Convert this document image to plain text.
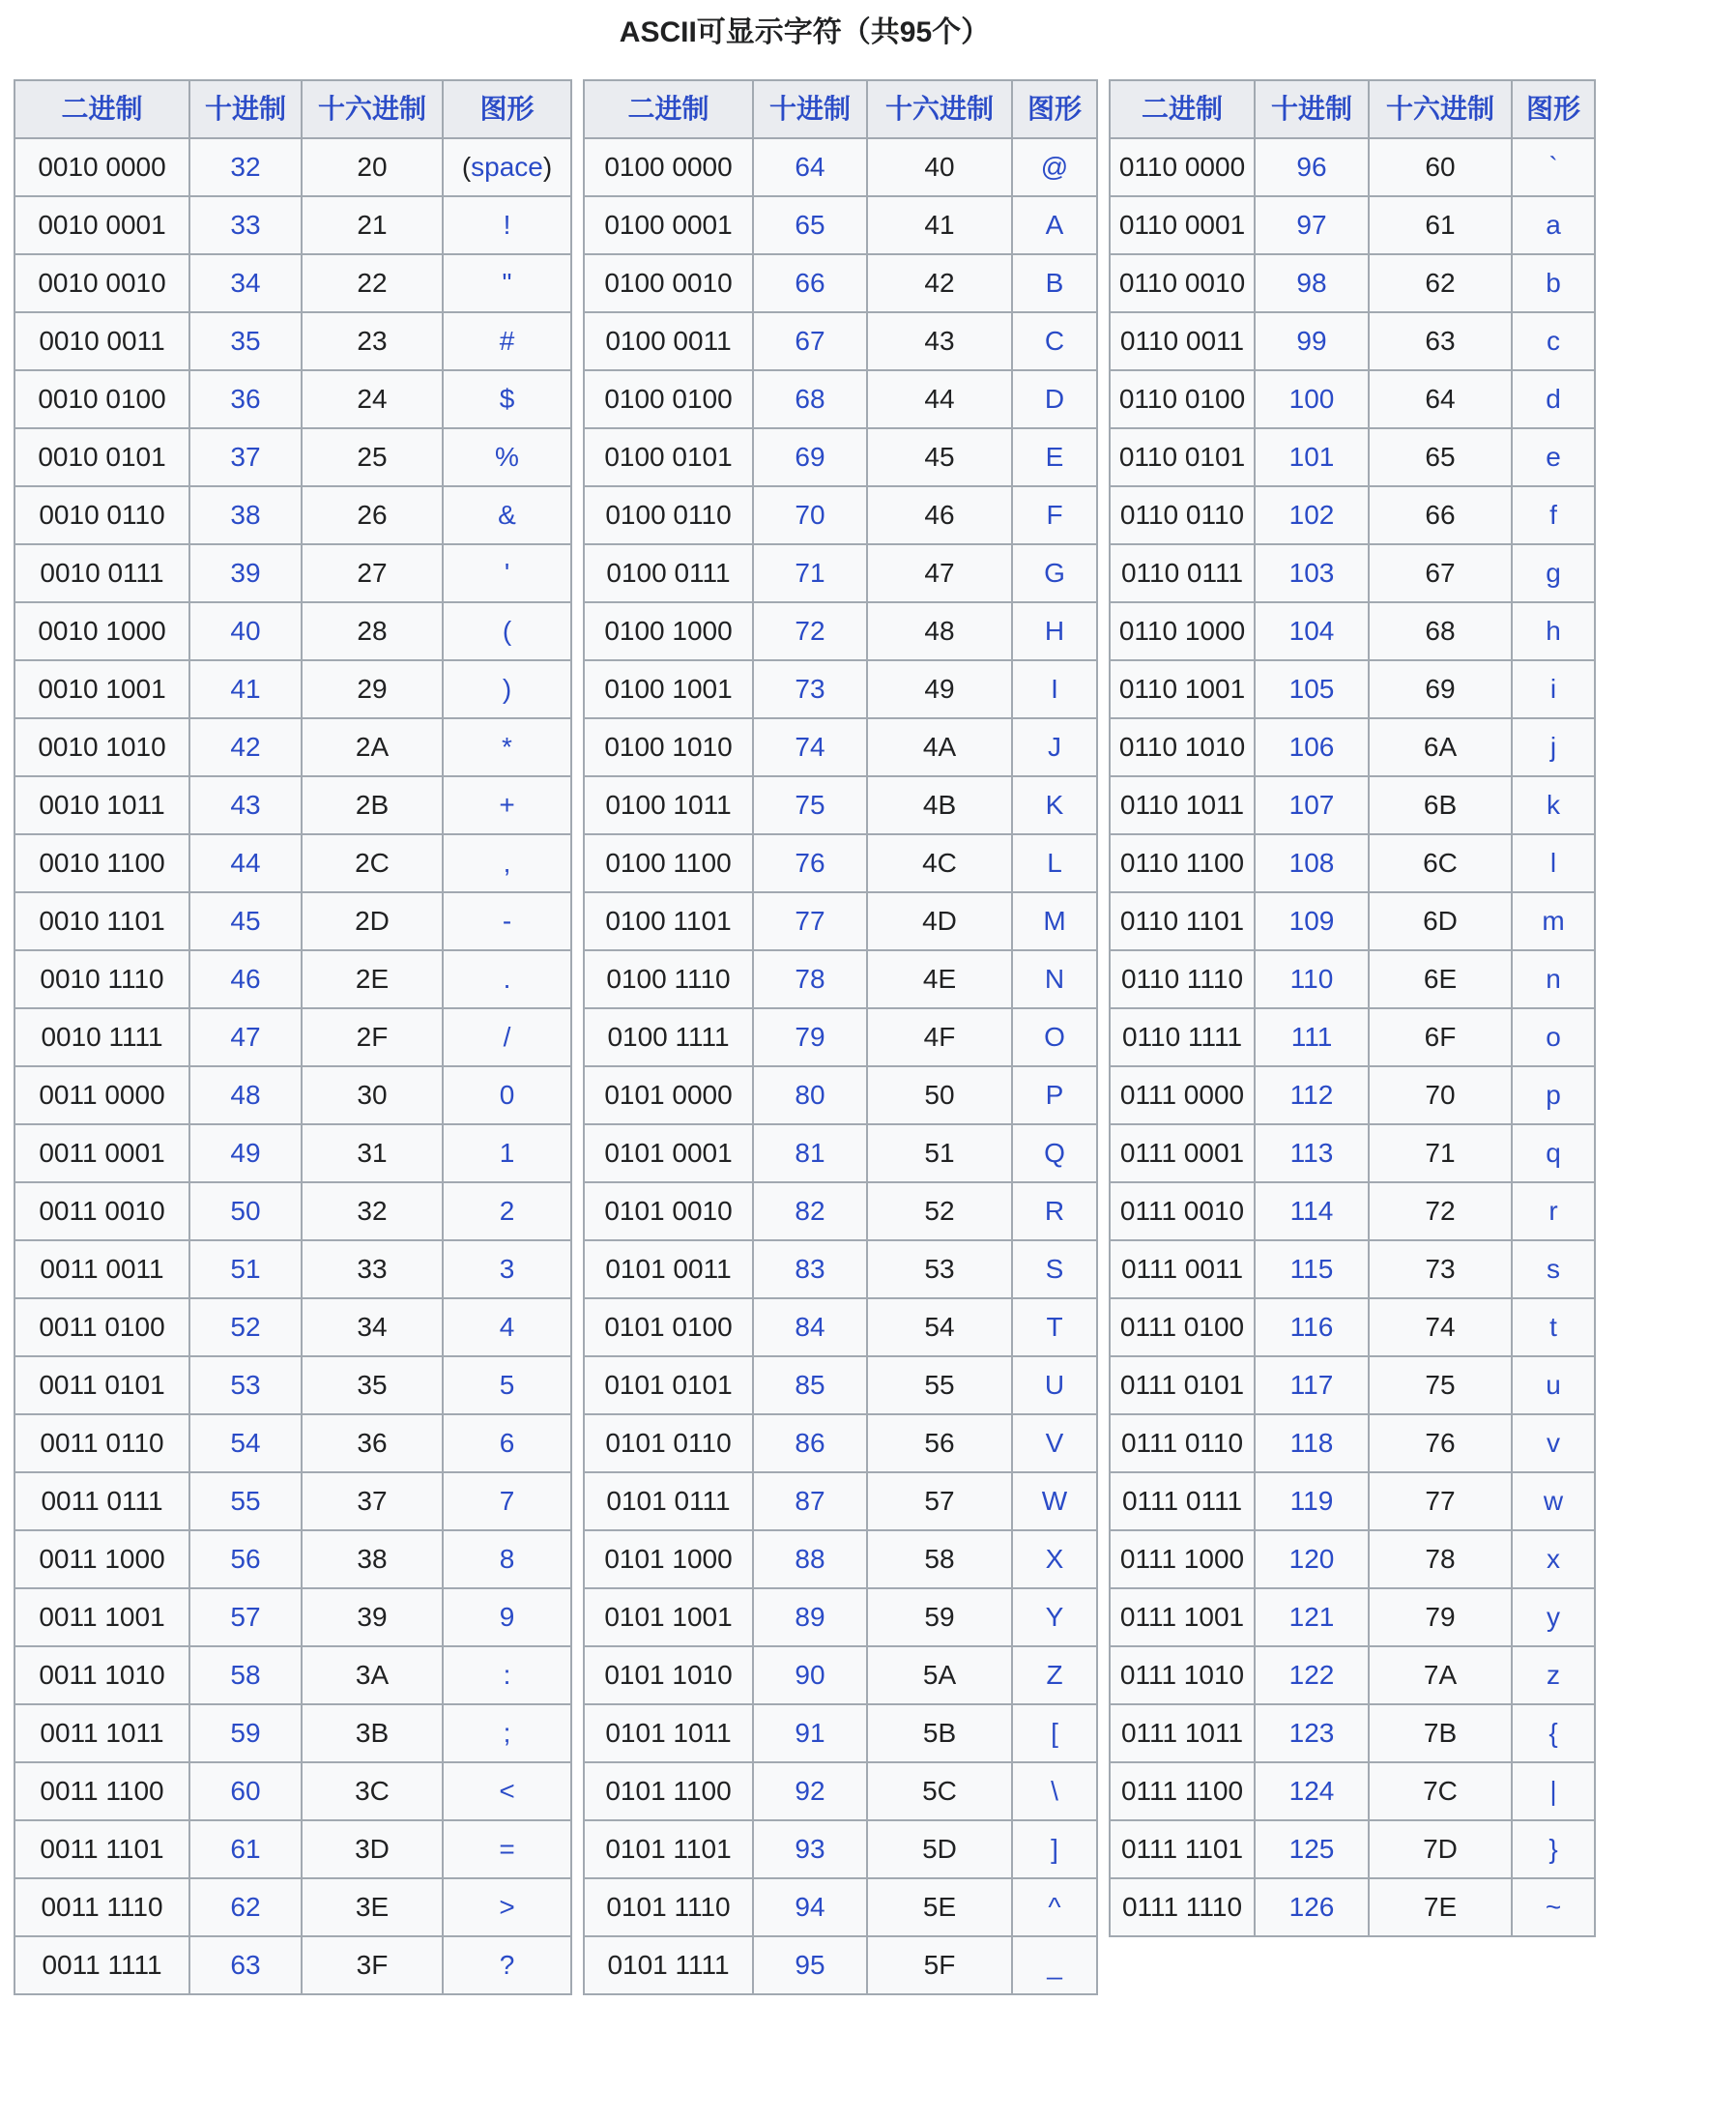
ASCII可显示字符（共95个）
二进制	十进制	十六进制	图形
0010 0000	32	20	(space)
0010 0001	33	21	!
0010 0010	34	22	"
0010 0011	35	23	#
0010 0100	36	24	$
0010 0101	37	25	%
0010 0110	38	26	&
0010 0111	39	27	'
0010 1000	40	28	(
0010 1001	41	29	)
0010 1010	42	2A	*
0010 1011	43	2B	+
0010 1100	44	2C	,
0010 1101	45	2D	-
0010 1110	46	2E	.
0010 1111	47	2F	/
0011 0000	48	30	0
0011 0001	49	31	1
0011 0010	50	32	2
0011 0011	51	33	3
0011 0100	52	34	4
0011 0101	53	35	5
0011 0110	54	36	6
0011 0111	55	37	7
0011 1000	56	38	8
0011 1001	57	39	9
0011 1010	58	3A	:
0011 1011	59	3B	;
0011 1100	60	3C	<
0011 1101	61	3D	=
0011 1110	62	3E	>
0011 1111	63	3F	?
二进制	十进制	十六进制	图形
0100 0000	64	40	@
0100 0001	65	41	A
0100 0010	66	42	B
0100 0011	67	43	C
0100 0100	68	44	D
0100 0101	69	45	E
0100 0110	70	46	F
0100 0111	71	47	G
0100 1000	72	48	H
0100 1001	73	49	I
0100 1010	74	4A	J
0100 1011	75	4B	K
0100 1100	76	4C	L
0100 1101	77	4D	M
0100 1110	78	4E	N
0100 1111	79	4F	O
0101 0000	80	50	P
0101 0001	81	51	Q
0101 0010	82	52	R
0101 0011	83	53	S
0101 0100	84	54	T
0101 0101	85	55	U
0101 0110	86	56	V
0101 0111	87	57	W
0101 1000	88	58	X
0101 1001	89	59	Y
0101 1010	90	5A	Z
0101 1011	91	5B	[
0101 1100	92	5C	\
0101 1101	93	5D	]
0101 1110	94	5E	^
0101 1111	95	5F	_
二进制	十进制	十六进制	图形
0110 0000	96	60	`
0110 0001	97	61	a
0110 0010	98	62	b
0110 0011	99	63	c
0110 0100	100	64	d
0110 0101	101	65	e
0110 0110	102	66	f
0110 0111	103	67	g
0110 1000	104	68	h
0110 1001	105	69	i
0110 1010	106	6A	j
0110 1011	107	6B	k
0110 1100	108	6C	l
0110 1101	109	6D	m
0110 1110	110	6E	n
0110 1111	111	6F	o
0111 0000	112	70	p
0111 0001	113	71	q
0111 0010	114	72	r
0111 0011	115	73	s
0111 0100	116	74	t
0111 0101	117	75	u
0111 0110	118	76	v
0111 0111	119	77	w
0111 1000	120	78	x
0111 1001	121	79	y
0111 1010	122	7A	z
0111 1011	123	7B	{
0111 1100	124	7C	|
0111 1101	125	7D	}
0111 1110	126	7E	~
